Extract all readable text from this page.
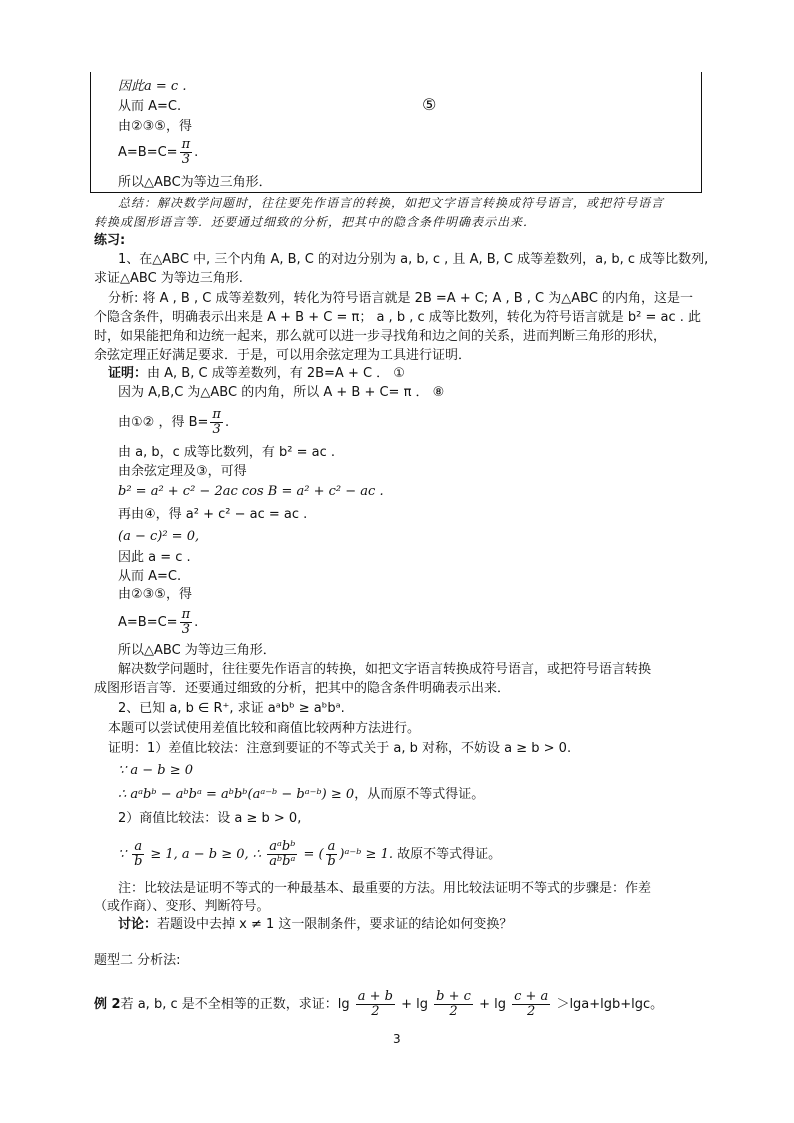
因此a = c .
从而 A=C.	⑤
由②③⑤，得
$A=B=C= \frac{\pi}{3}$ .
所以△ABC为等边三角形．
总结：解决数学问题时，往往要先作语言的转换，如把文字语言转换成符号语言，或把符号语言
转换成图形语言等．还要通过细致的分析，把其中的隐含条件明确表示出来．
练习:
1、在△ABC 中, 三个内角 A, B, C 的对边分别为 a, b, c , 且 A, B, C 成等差数列，a, b, c 成等比数列,
求证△ABC 为等边三角形.
分析: 将 A , B , C 成等差数列，转化为符号语言就是 2B =A + C; A , B , C 为△ABC 的内角，这是一
个隐含条件，明确表示出来是 A + B + C = π； a , b , c 成等比数列，转化为符号语言就是 b² = ac . 此
时，如果能把角和边统一起来，那么就可以进一步寻找角和边之间的关系，进而判断三角形的形状，
余弦定理正好满足要求．于是，可以用余弦定理为工具进行证明．
证明：由 A, B, C 成等差数列，有 2B=A + C ． ①
因为 A,B,C 为△ABC 的内角，所以 A + B + C= π ． ⑧
由①② ，得 $B= \frac{\pi}{3}$ .
由 a, b，c 成等比数列，有 b² = ac .
由余弦定理及③，可得
b² = a² + c² − 2ac cos B = a² + c² − ac .
再由④，得 a² + c² − ac = ac .
(a − c)² = 0,
因此 a = c .
从而 A=C.
由②③⑤，得
$A=B=C= \frac{\pi}{3}$ .
所以△ABC 为等边三角形．
解决数学问题时，往往要先作语言的转换，如把文字语言转换成符号语言，或把符号语言转换
成图形语言等．还要通过细致的分析，把其中的隐含条件明确表示出来．
2、已知 a, b ∈ R⁺, 求证 aᵃbᵇ ≥ aᵇbᵃ.
本题可以尝试使用差值比较和商值比较两种方法进行。
证明：1）差值比较法：注意到要证的不等式关于 a, b 对称，不妨设 a ≥ b > 0.
∵ a − b ≥ 0
∴ aᵃbᵇ − aᵇbᵃ = aᵇbᵇ(aᵃ⁻ᵇ − bᵃ⁻ᵇ) ≥ 0，从而原不等式得证。
2）商值比较法：设 a ≥ b > 0,
∵ $\frac{a}{b} \ge 1$, a − b ≥ 0, ∴ $\frac{\text{aᵃbᵇ}}{\text{aᵇbᵃ}}$ = ( $\frac{a}{b}$ )ᵃ⁻ᵇ ≥ 1. 故原不等式得证。
注：比较法是证明不等式的一种最基本、最重要的方法。用比较法证明不等式的步骤是：作差
（或作商）、变形、判断符号。
讨论：若题设中去掉 x ≠ 1 这一限制条件，要求证的结论如何变换？
题型二 分析法:
例 2若 a, b, c 是不全相等的正数，求证：$\lg \frac{a + b}{2} + \lg \frac{b + c}{2} + \lg \frac{c + a}{2} >\lg a+\lg b+\lg c$。
3
